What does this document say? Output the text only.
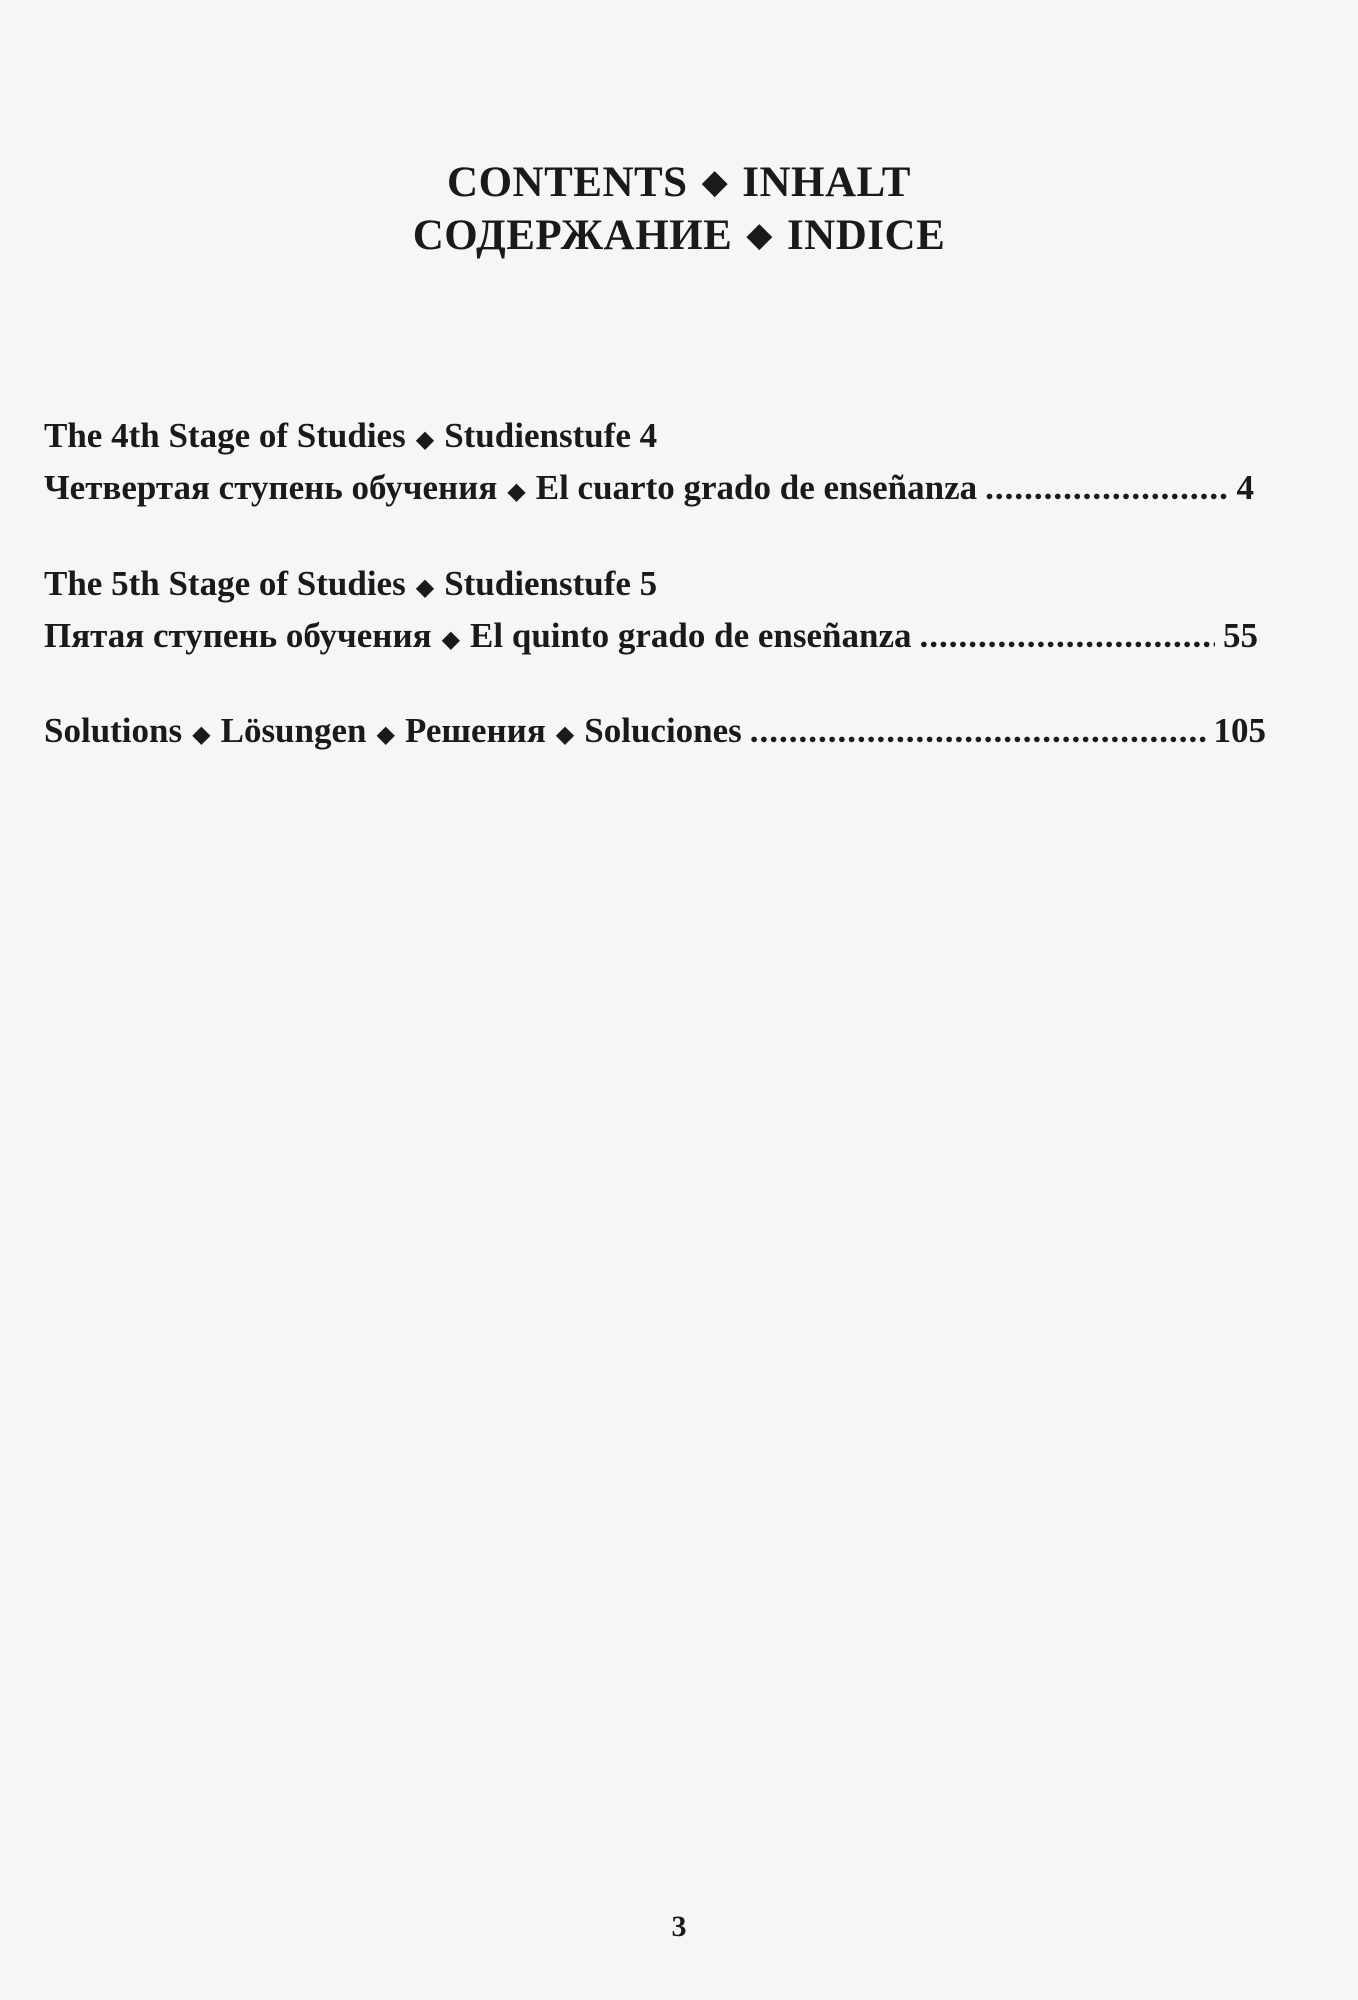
CONTENTS ◆ INHALT
СОДЕРЖАНИЕ ◆ INDICE
The 4th Stage of Studies ◆ Studienstufe 4
Четвертая ступень обучения ◆ El cuarto grado de enseñanza .....	4
The 5th Stage of Studies ◆ Studienstufe 5
Пятая ступень обучения ◆ El quinto grado de enseñanza .....	55
Solutions ◆ Lösungen ◆ Решения ◆ Soluciones .....	105
3
